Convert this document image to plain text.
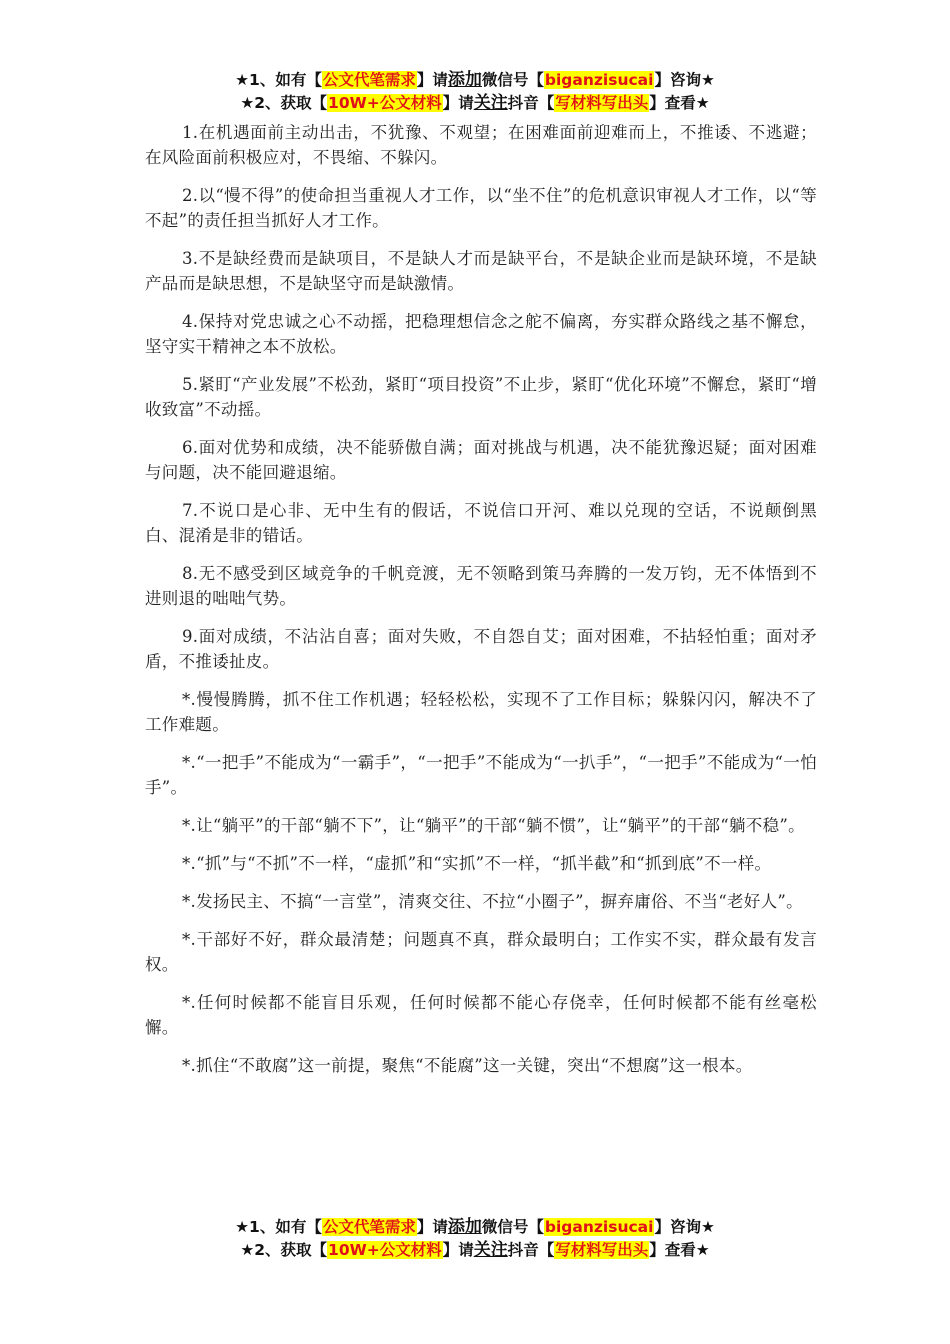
★1、如有【公文代笔需求】请添加微信号【biganzisucai】咨询★
★2、获取【10W+公文材料】请关注抖音【写材料写出头】查看★

1.在机遇面前主动出击，不犹豫、不观望；在困难面前迎难而上，不推诿、不逃避；在风险面前积极应对，不畏缩、不躲闪。

2.以“慢不得”的使命担当重视人才工作，以“坐不住”的危机意识审视人才工作，以“等不起”的责任担当抓好人才工作。

3.不是缺经费而是缺项目，不是缺人才而是缺平台，不是缺企业而是缺环境，不是缺产品而是缺思想，不是缺坚守而是缺激情。

4.保持对党忠诚之心不动摇，把稳理想信念之舵不偏离，夯实群众路线之基不懈怠，坚守实干精神之本不放松。

5.紧盯“产业发展”不松劲，紧盯“项目投资”不止步，紧盯“优化环境”不懈怠，紧盯“增收致富”不动摇。

6.面对优势和成绩，决不能骄傲自满；面对挑战与机遇，决不能犹豫迟疑；面对困难与问题，决不能回避退缩。

7.不说口是心非、无中生有的假话，不说信口开河、难以兑现的空话，不说颠倒黑白、混淆是非的错话。

8.无不感受到区域竞争的千帆竞渡，无不领略到策马奔腾的一发万钧，无不体悟到不进则退的咄咄气势。

9.面对成绩，不沾沾自喜；面对失败，不自怨自艾；面对困难，不拈轻怕重；面对矛盾，不推诿扯皮。

*.慢慢腾腾，抓不住工作机遇；轻轻松松，实现不了工作目标；躲躲闪闪，解决不了工作难题。

*.“一把手”不能成为“一霸手”，“一把手”不能成为“一扒手”，“一把手”不能成为“一怕手”。

*.让“躺平”的干部“躺不下”，让“躺平”的干部“躺不惯”，让“躺平”的干部“躺不稳”。

*.“抓”与“不抓”不一样，“虚抓”和“实抓”不一样，“抓半截”和“抓到底”不一样。

*.发扬民主、不搞“一言堂”，清爽交往、不拉“小圈子”，摒弃庸俗、不当“老好人”。

*.干部好不好，群众最清楚；问题真不真，群众最明白；工作实不实，群众最有发言权。

*.任何时候都不能盲目乐观，任何时候都不能心存侥幸，任何时候都不能有丝毫松懈。

*.抓住“不敢腐”这一前提，聚焦“不能腐”这一关键，突出“不想腐”这一根本。

★1、如有【公文代笔需求】请添加微信号【biganzisucai】咨询★
★2、获取【10W+公文材料】请关注抖音【写材料写出头】查看★
